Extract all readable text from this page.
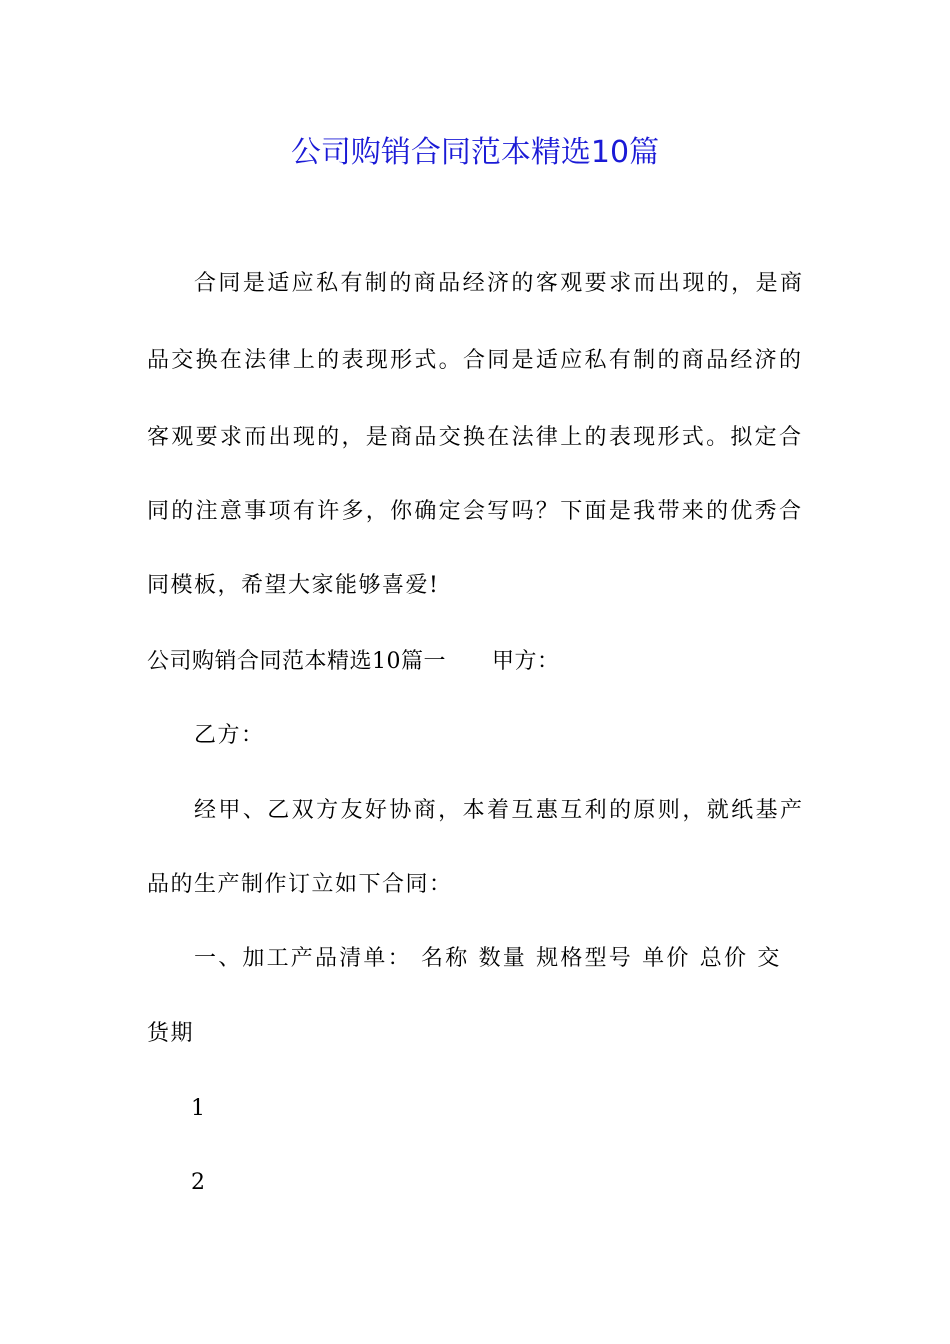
公司购销合同范本精选10篇
合同是适应私有制的商品经济的客观要求而出现的，是商
品交换在法律上的表现形式。合同是适应私有制的商品经济的
客观要求而出现的，是商品交换在法律上的表现形式。拟定合
同的注意事项有许多，你确定会写吗？下面是我带来的优秀合
同模板，希望大家能够喜爱!
公司购销合同范本精选10篇一 甲方：
乙方：
经甲、乙双方友好协商，本着互惠互利的原则，就纸基产
品的生产制作订立如下合同：
一、加工产品清单： 名称 数量 规格型号 单价 总价 交
货期
1
2
